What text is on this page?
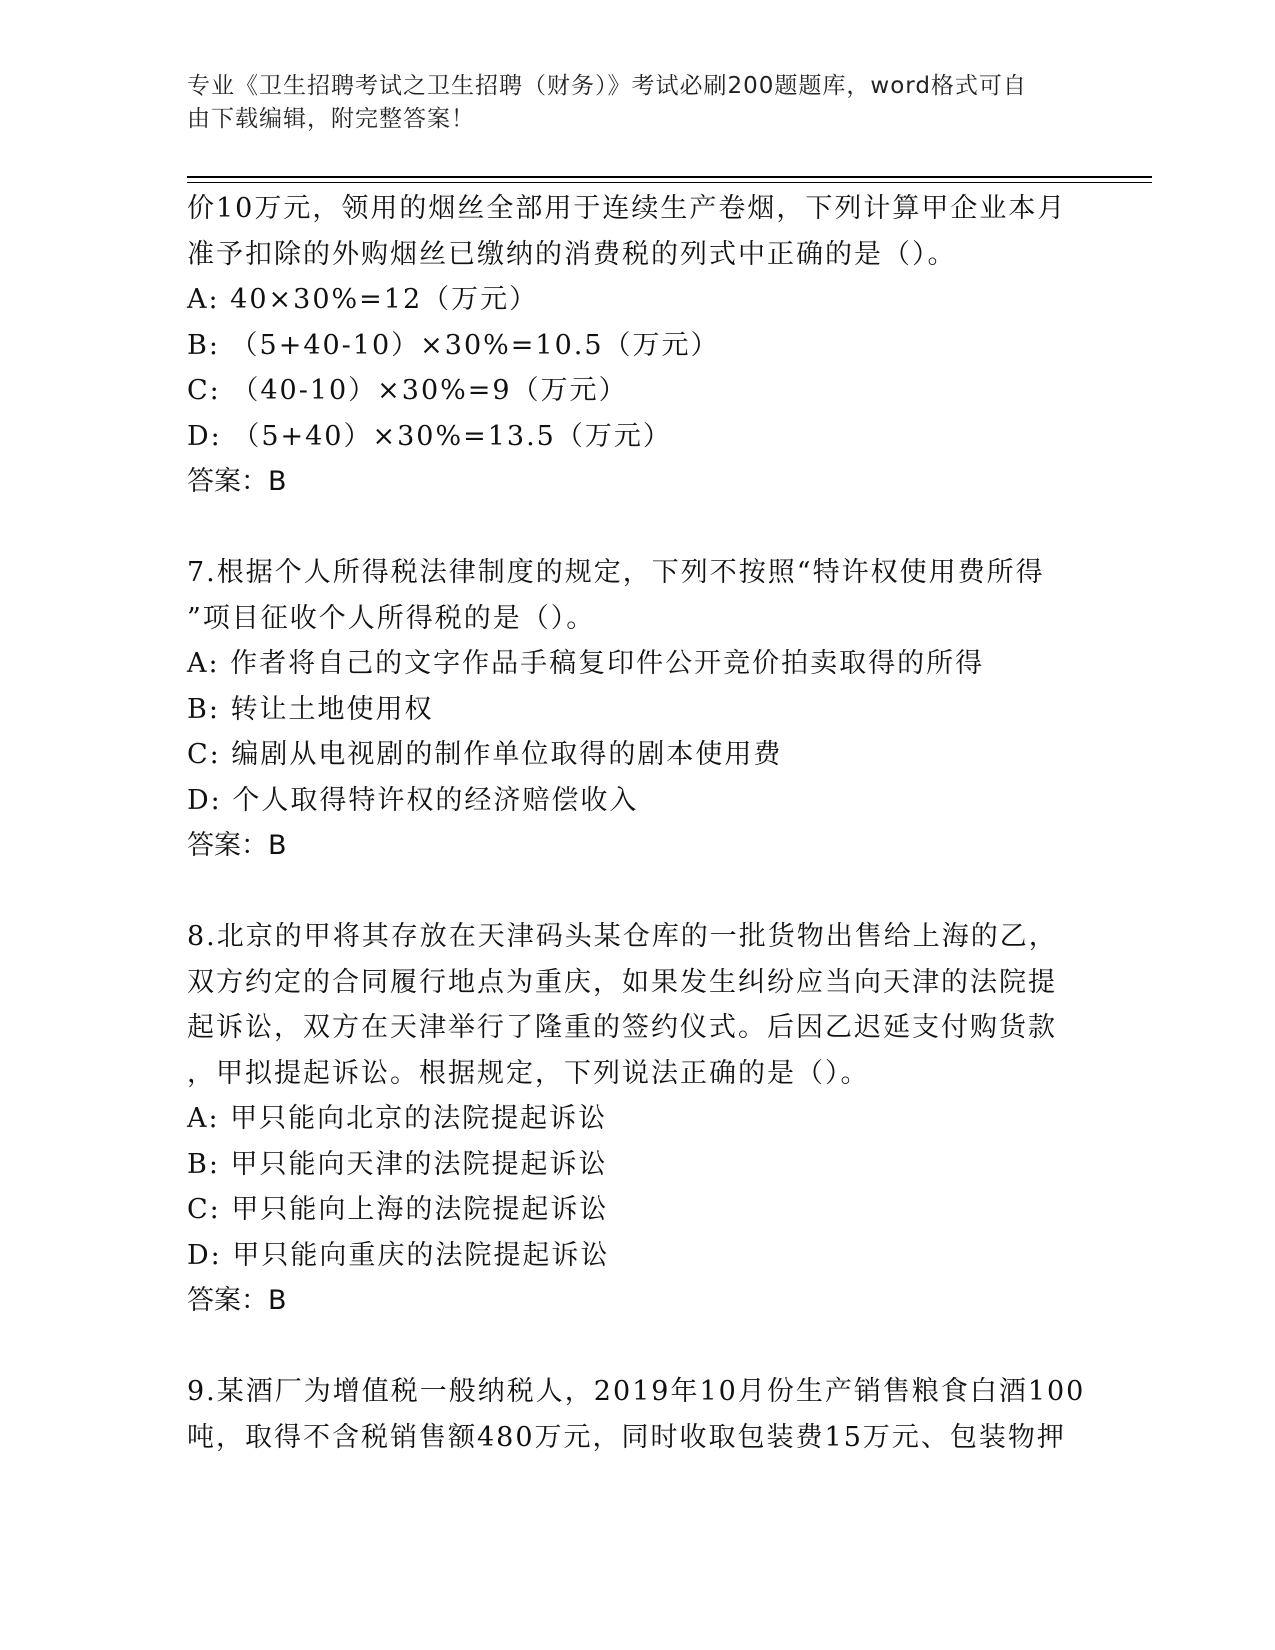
专业《卫生招聘考试之卫生招聘（财务）》考试必刷200题题库，word格式可自
由下载编辑，附完整答案！
价10万元，领用的烟丝全部用于连续生产卷烟，下列计算甲企业本月
准予扣除的外购烟丝已缴纳的消费税的列式中正确的是（）。
A: 40×30%=12（万元）
B: （5+40-10）×30%=10.5（万元）
C: （40-10）×30%=9（万元）
D: （5+40）×30%=13.5（万元）
答案：B
7.根据个人所得税法律制度的规定，下列不按照“特许权使用费所得
”项目征收个人所得税的是（）。
A: 作者将自己的文字作品手稿复印件公开竞价拍卖取得的所得
B: 转让土地使用权
C: 编剧从电视剧的制作单位取得的剧本使用费
D: 个人取得特许权的经济赔偿收入
答案：B
8.北京的甲将其存放在天津码头某仓库的一批货物出售给上海的乙，
双方约定的合同履行地点为重庆，如果发生纠纷应当向天津的法院提
起诉讼，双方在天津举行了隆重的签约仪式。后因乙迟延支付购货款
，甲拟提起诉讼。根据规定，下列说法正确的是（）。
A: 甲只能向北京的法院提起诉讼
B: 甲只能向天津的法院提起诉讼
C: 甲只能向上海的法院提起诉讼
D: 甲只能向重庆的法院提起诉讼
答案：B
9.某酒厂为增值税一般纳税人，2019年10月份生产销售粮食白酒100
吨，取得不含税销售额480万元，同时收取包装费15万元、包装物押
